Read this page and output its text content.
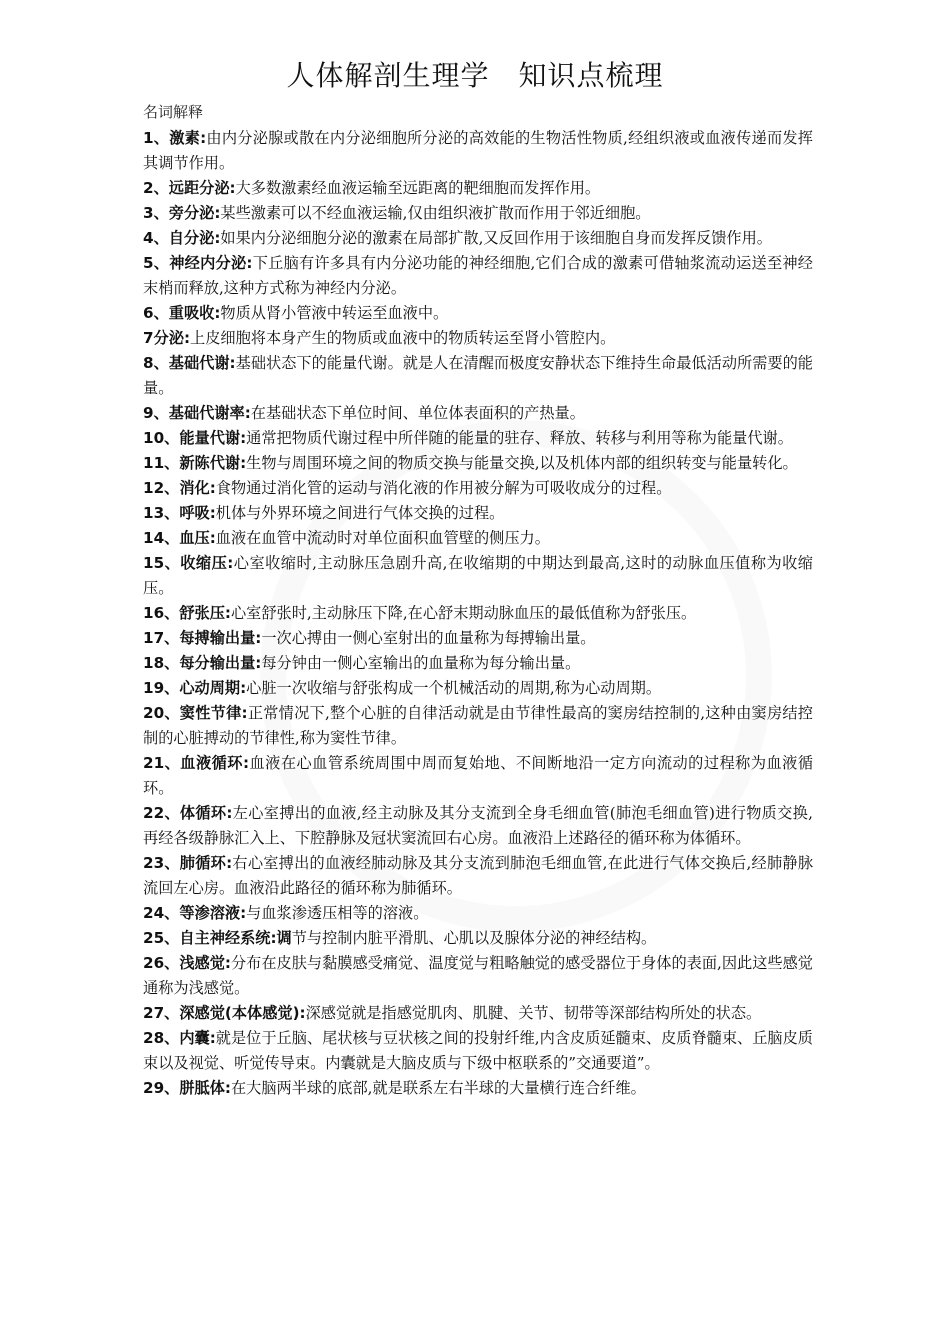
人体解剖生理学　知识点梳理
名词解释

1、激素:由内分泌腺或散在内分泌细胞所分泌的高效能的生物活性物质,经组织液或血液传递而发挥其调节作用。

2、远距分泌:大多数激素经血液运输至远距离的靶细胞而发挥作用。

3、旁分泌:某些激素可以不经血液运输,仅由组织液扩散而作用于邻近细胞。

4、自分泌:如果内分泌细胞分泌的激素在局部扩散,又反回作用于该细胞自身而发挥反馈作用。

5、神经内分泌:下丘脑有许多具有内分泌功能的神经细胞,它们合成的激素可借轴浆流动运送至神经末梢而释放,这种方式称为神经内分泌。

6、重吸收:物质从肾小管液中转运至血液中。

7分泌:上皮细胞将本身产生的物质或血液中的物质转运至肾小管腔内。

8、基础代谢:基础状态下的能量代谢。就是人在清醒而极度安静状态下维持生命最低活动所需要的能量。

9、基础代谢率:在基础状态下单位时间、单位体表面积的产热量。

10、能量代谢:通常把物质代谢过程中所伴随的能量的驻存、释放、转移与利用等称为能量代谢。

11、新陈代谢:生物与周围环境之间的物质交换与能量交换,以及机体内部的组织转变与能量转化。

12、消化:食物通过消化管的运动与消化液的作用被分解为可吸收成分的过程。

13、呼吸:机体与外界环境之间进行气体交换的过程。

14、血压:血液在血管中流动时对单位面积血管壁的侧压力。

15、收缩压:心室收缩时,主动脉压急剧升高,在收缩期的中期达到最高,这时的动脉血压值称为收缩压。

16、舒张压:心室舒张时,主动脉压下降,在心舒末期动脉血压的最低值称为舒张压。

17、每搏输出量:一次心搏由一侧心室射出的血量称为每搏输出量。

18、每分输出量:每分钟由一侧心室输出的血量称为每分输出量。

19、心动周期:心脏一次收缩与舒张构成一个机械活动的周期,称为心动周期。

20、窦性节律:正常情况下,整个心脏的自律活动就是由节律性最高的窦房结控制的,这种由窦房结控制的心脏搏动的节律性,称为窦性节律。

21、血液循环:血液在心血管系统周围中周而复始地、不间断地沿一定方向流动的过程称为血液循环。

22、体循环:左心室搏出的血液,经主动脉及其分支流到全身毛细血管(肺泡毛细血管)进行物质交换,再经各级静脉汇入上、下腔静脉及冠状窦流回右心房。血液沿上述路径的循环称为体循环。

23、肺循环:右心室搏出的血液经肺动脉及其分支流到肺泡毛细血管,在此进行气体交换后,经肺静脉流回左心房。血液沿此路径的循环称为肺循环。

24、等渗溶液:与血浆渗透压相等的溶液。

25、自主神经系统:调节与控制内脏平滑肌、心肌以及腺体分泌的神经结构。

26、浅感觉:分布在皮肤与黏膜感受痛觉、温度觉与粗略触觉的感受器位于身体的表面,因此这些感觉通称为浅感觉。

27、深感觉(本体感觉):深感觉就是指感觉肌肉、肌腱、关节、韧带等深部结构所处的状态。

28、内囊:就是位于丘脑、尾状核与豆状核之间的投射纤维,内含皮质延髓束、皮质脊髓束、丘脑皮质束以及视觉、听觉传导束。内囊就是大脑皮质与下级中枢联系的”交通要道”。

29、胼胝体:在大脑两半球的底部,就是联系左右半球的大量横行连合纤维。
